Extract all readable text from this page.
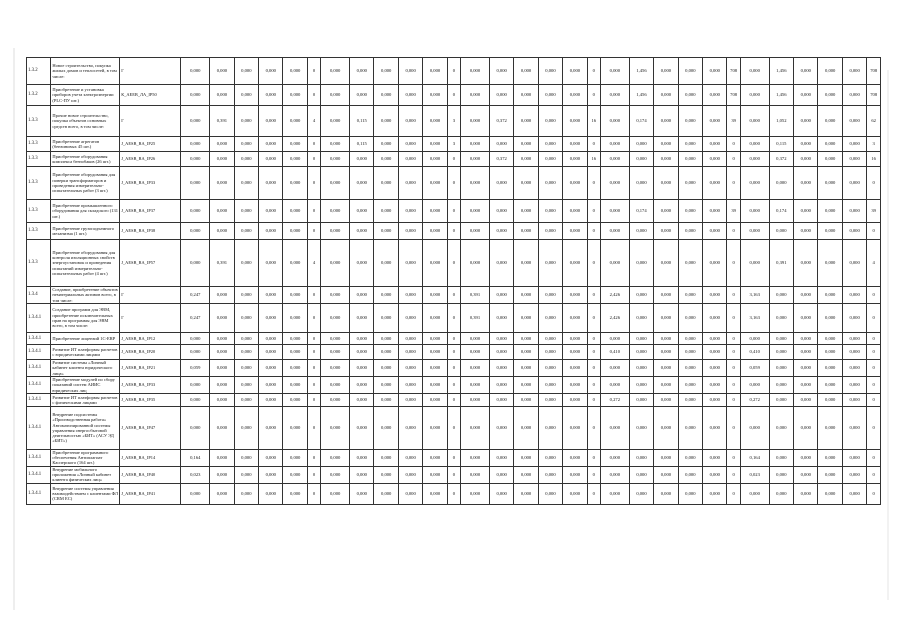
1.3.2	Новое строительство, покупка жилых домов и теплосетей, в том числе:	Г	0,000	0,000	0,000	0,000	0,000	0	0,000	0,000	0,000	0,000	0,000	0	0,000	0,000	0,000	0,000	0,000	0	0,000	1,456	0,000	0,000	0,000	708	0,000	1,456	0,000	0,000	0,000	708
1.3.2	Приобретение и установка приборов учета электроэнергии (PLC-ПУ шт.)	К_АЕЕВ_ЛА_IP50	0,000	0,000	0,000	0,000	0,000	0	0,000	0,000	0,000	0,000	0,000	0	0,000	0,000	0,000	0,000	0,000	0	0,000	1,456	0,000	0,000	0,000	708	0,000	1,456	0,000	0,000	0,000	708
1.3.3	Прочие новое строительство, покупка объектов основных средств всего, в том числе:	Г	0,000	0,391	0,000	0,000	0,000	4	0,000	0,115	0,000	0,000	0,000	3	0,000	0,372	0,000	0,000	0,000	16	0,000	0,174	0,000	0,000	0,000	39	0,000	1,052	0,000	0,000	0,000	62
1.3.3	Приобретение агрегатов (бензиновых 45 шт.)	J_AESB_RA_IP25	0,000	0,000	0,000	0,000	0,000	0	0,000	0,115	0,000	0,000	0,000	3	0,000	0,000	0,000	0,000	0,000	0	0,000	0,000	0,000	0,000	0,000	0	0,000	0,115	0,000	0,000	0,000	3
1.3.3	Приобретение оборудования комплекса бензобаков (26 шт.)	J_AESB_RA_IP26	0,000	0,000	0,000	0,000	0,000	0	0,000	0,000	0,000	0,000	0,000	0	0,000	0,372	0,000	0,000	0,000	16	0,000	0,000	0,000	0,000	0,000	0	0,000	0,372	0,000	0,000	0,000	16
1.3.3	Приобретение оборудования для поверки трансформаторов и проведения измерительно-испытательных работ (3 шт.)	J_AESB_RA_IP33	0,000	0,000	0,000	0,000	0,000	0	0,000	0,000	0,000	0,000	0,000	0	0,000	0,000	0,000	0,000	0,000	0	0,000	0,000	0,000	0,000	0,000	0	0,000	0,000	0,000	0,000	0,000	0
1.3.3	Приобретение промышленного оборудования для складского (131 шт.)	J_AESB_RA_IP37	0,000	0,000	0,000	0,000	0,000	0	0,000	0,000	0,000	0,000	0,000	0	0,000	0,000	0,000	0,000	0,000	0	0,000	0,174	0,000	0,000	0,000	39	0,000	0,174	0,000	0,000	0,000	39
1.3.3	Приобретение грузоподъемного механизма (1 шт.)	J_AESB_RA_IP38	0,000	0,000	0,000	0,000	0,000	0	0,000	0,000	0,000	0,000	0,000	0	0,000	0,000	0,000	0,000	0,000	0	0,000	0,000	0,000	0,000	0,000	0	0,000	0,000	0,000	0,000	0,000	0
1.3.3	Приобретение оборудования для контроля изоляционных свойств энергоустановок и проведения испытаний измерительно-испытательных работ (4 шт.)	J_AESB_RA_IP57	0,000	0,391	0,000	0,000	0,000	4	0,000	0,000	0,000	0,000	0,000	0	0,000	0,000	0,000	0,000	0,000	0	0,000	0,000	0,000	0,000	0,000	0	0,000	0,391	0,000	0,000	0,000	4
1.3.4	Создание, приобретение объектов нематериальных активов всего, в том числе:	Г	0,247	0,000	0,000	0,000	0,000	0	0,000	0,000	0,000	0,000	0,000	0	0,391	0,000	0,000	0,000	0,000	0	2,426	0,000	0,000	0,000	0,000	0	3,163	0,000	0,000	0,000	0,000	0
1.3.4.1	Создание программ для ЭВМ, приобретение исключительных прав на программы для ЭВМ всего, в том числе:	Г	0,247	0,000	0,000	0,000	0,000	0	0,000	0,000	0,000	0,000	0,000	0	0,391	0,000	0,000	0,000	0,000	0	2,426	0,000	0,000	0,000	0,000	0	3,163	0,000	0,000	0,000	0,000	0
1.3.4.1	Приобретение лицензий 1С-ERP	J_AESB_RA_IP12	0,000	0,000	0,000	0,000	0,000	0	0,000	0,000	0,000	0,000	0,000	0	0,000	0,000	0,000	0,000	0,000	0	0,000	0,000	0,000	0,000	0,000	0	0,000	0,000	0,000	0,000	0,000	0
1.3.4.1	Развитие ИТ платформы расчетов с юридическими лицами	J_AESB_RA_IP20	0,000	0,000	0,000	0,000	0,000	0	0,000	0,000	0,000	0,000	0,000	0	0,000	0,000	0,000	0,000	0,000	0	0,410	0,000	0,000	0,000	0,000	0	0,410	0,000	0,000	0,000	0,000	0
1.3.4.1	Развитие системы «Личный кабинет клиента юридического лица»	J_AESB_RA_IP21	0,059	0,000	0,000	0,000	0,000	0	0,000	0,000	0,000	0,000	0,000	0	0,000	0,000	0,000	0,000	0,000	0	0,000	0,000	0,000	0,000	0,000	0	0,059	0,000	0,000	0,000	0,000	0
1.3.4.1	Приобретение модулей по сбору показаний систем АИИС юридических лиц	J_AESB_RA_IP33	0,000	0,000	0,000	0,000	0,000	0	0,000	0,000	0,000	0,000	0,000	0	0,000	0,000	0,000	0,000	0,000	0	0,000	0,000	0,000	0,000	0,000	0	0,000	0,000	0,000	0,000	0,000	0
1.3.4.1	Развитие ИТ платформы расчетов с физическими лицами	J_AESB_RA_IP35	0,000	0,000	0,000	0,000	0,000	0	0,000	0,000	0,000	0,000	0,000	0	0,000	0,000	0,000	0,000	0,000	0	0,272	0,000	0,000	0,000	0,000	0	0,272	0,000	0,000	0,000	0,000	0
1.3.4.1	Внедрение подсистемы «Производственная работа» Автоматизированной системы управления энергосбытовой деятельностью «БИТ» (АСУ ЭД «БИТ»)	J_AESB_RA_IP47	0,000	0,000	0,000	0,000	0,000	0	0,000	0,000	0,000	0,000	0,000	0	0,000	0,000	0,000	0,000	0,000	0	0,000	0,000	0,000	0,000	0,000	0	0,000	0,000	0,000	0,000	0,000	0
1.3.4.1	Приобретение программного обеспечения Антиплагиат Касперского (164 шт.)	J_AESB_RA_IP14	0,164	0,000	0,000	0,000	0,000	0	0,000	0,000	0,000	0,000	0,000	0	0,000	0,000	0,000	0,000	0,000	0	0,000	0,000	0,000	0,000	0,000	0	0,164	0,000	0,000	0,000	0,000	0
1.3.4.1	Внедрение мобильного приложения «Личный кабинет клиента физических лиц»	J_AESB_RA_IP40	0,023	0,000	0,000	0,000	0,000	0	0,000	0,000	0,000	0,000	0,000	0	0,000	0,000	0,000	0,000	0,000	0	0,000	0,000	0,000	0,000	0,000	0	0,023	0,000	0,000	0,000	0,000	0
1.3.4.1	Внедрение системы управления взаимодействием с клиентами ФЛ (CRM ЕС)	J_AESB_RA_IP41	0,000	0,000	0,000	0,000	0,000	0	0,000	0,000	0,000	0,000	0,000	0	0,000	0,000	0,000	0,000	0,000	0	0,000	0,000	0,000	0,000	0,000	0	0,000	0,000	0,000	0,000	0,000	0
